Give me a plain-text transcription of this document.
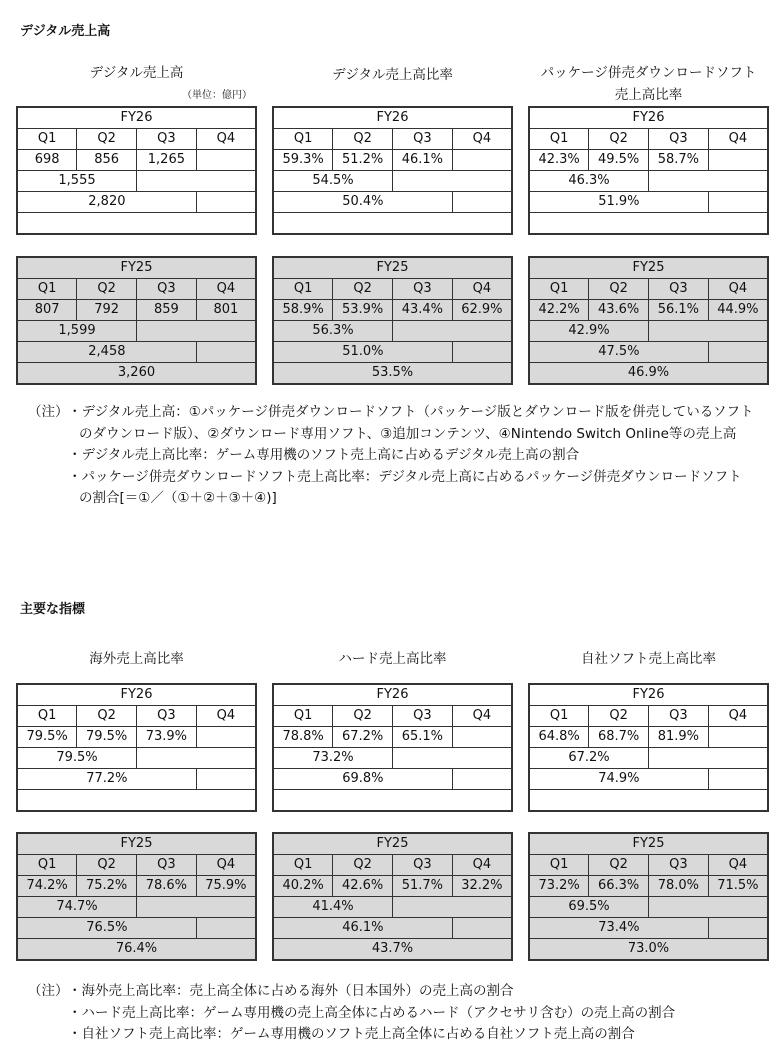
デジタル売上高
デジタル売上高
FY26			
Q1	Q2	Q3	Q4
698	856	1,265	
1,555			
2,820			

FY25			
Q1	Q2	Q3	Q4
807	792	859	801
1,599			
2,458			
3,260			
デジタル売上高比率
FY26			
Q1	Q2	Q3	Q4
59.3%	51.2%	46.1%	
54.5%			
50.4%			

FY25			
Q1	Q2	Q3	Q4
58.9%	53.9%	43.4%	62.9%
56.3%			
51.0%			
53.5%			
パッケージ併売ダウンロードソフト
売上高比率
FY26			
Q1	Q2	Q3	Q4
42.3%	49.5%	58.7%	
46.3%			
51.9%			

FY25			
Q1	Q2	Q3	Q4
42.2%	43.6%	56.1%	44.9%
42.9%			
47.5%			
46.9%			
（単位：億円）
（注） ・デジタル売上高：①パッケージ併売ダウンロードソフト（パッケージ版とダウンロード版を併売しているソフト
のダウンロード版）、②ダウンロード専用ソフト、③追加コンテンツ、④Nintendo Switch Online等の売上高
・デジタル売上高比率：ゲーム専用機のソフト売上高に占めるデジタル売上高の割合
・パッケージ併売ダウンロードソフト売上高比率：デジタル売上高に占めるパッケージ併売ダウンロードソフト
の割合[＝①／（①＋②＋③＋④)]
主要な指標
海外売上高比率
FY26			
Q1	Q2	Q3	Q4
79.5%	79.5%	73.9%	
79.5%			
77.2%			

FY25			
Q1	Q2	Q3	Q4
74.2%	75.2%	78.6%	75.9%
74.7%			
76.5%			
76.4%			
ハード売上高比率
FY26			
Q1	Q2	Q3	Q4
78.8%	67.2%	65.1%	
73.2%			
69.8%			

FY25			
Q1	Q2	Q3	Q4
40.2%	42.6%	51.7%	32.2%
41.4%			
46.1%			
43.7%			
自社ソフト売上高比率
FY26			
Q1	Q2	Q3	Q4
64.8%	68.7%	81.9%	
67.2%			
74.9%			

FY25			
Q1	Q2	Q3	Q4
73.2%	66.3%	78.0%	71.5%
69.5%			
73.4%			
73.0%			
（注） ・海外売上高比率：売上高全体に占める海外（日本国外）の売上高の割合
・ハード売上高比率：ゲーム専用機の売上高全体に占めるハード（アクセサリ含む）の売上高の割合
・自社ソフト売上高比率：ゲーム専用機のソフト売上高全体に占める自社ソフト売上高の割合
